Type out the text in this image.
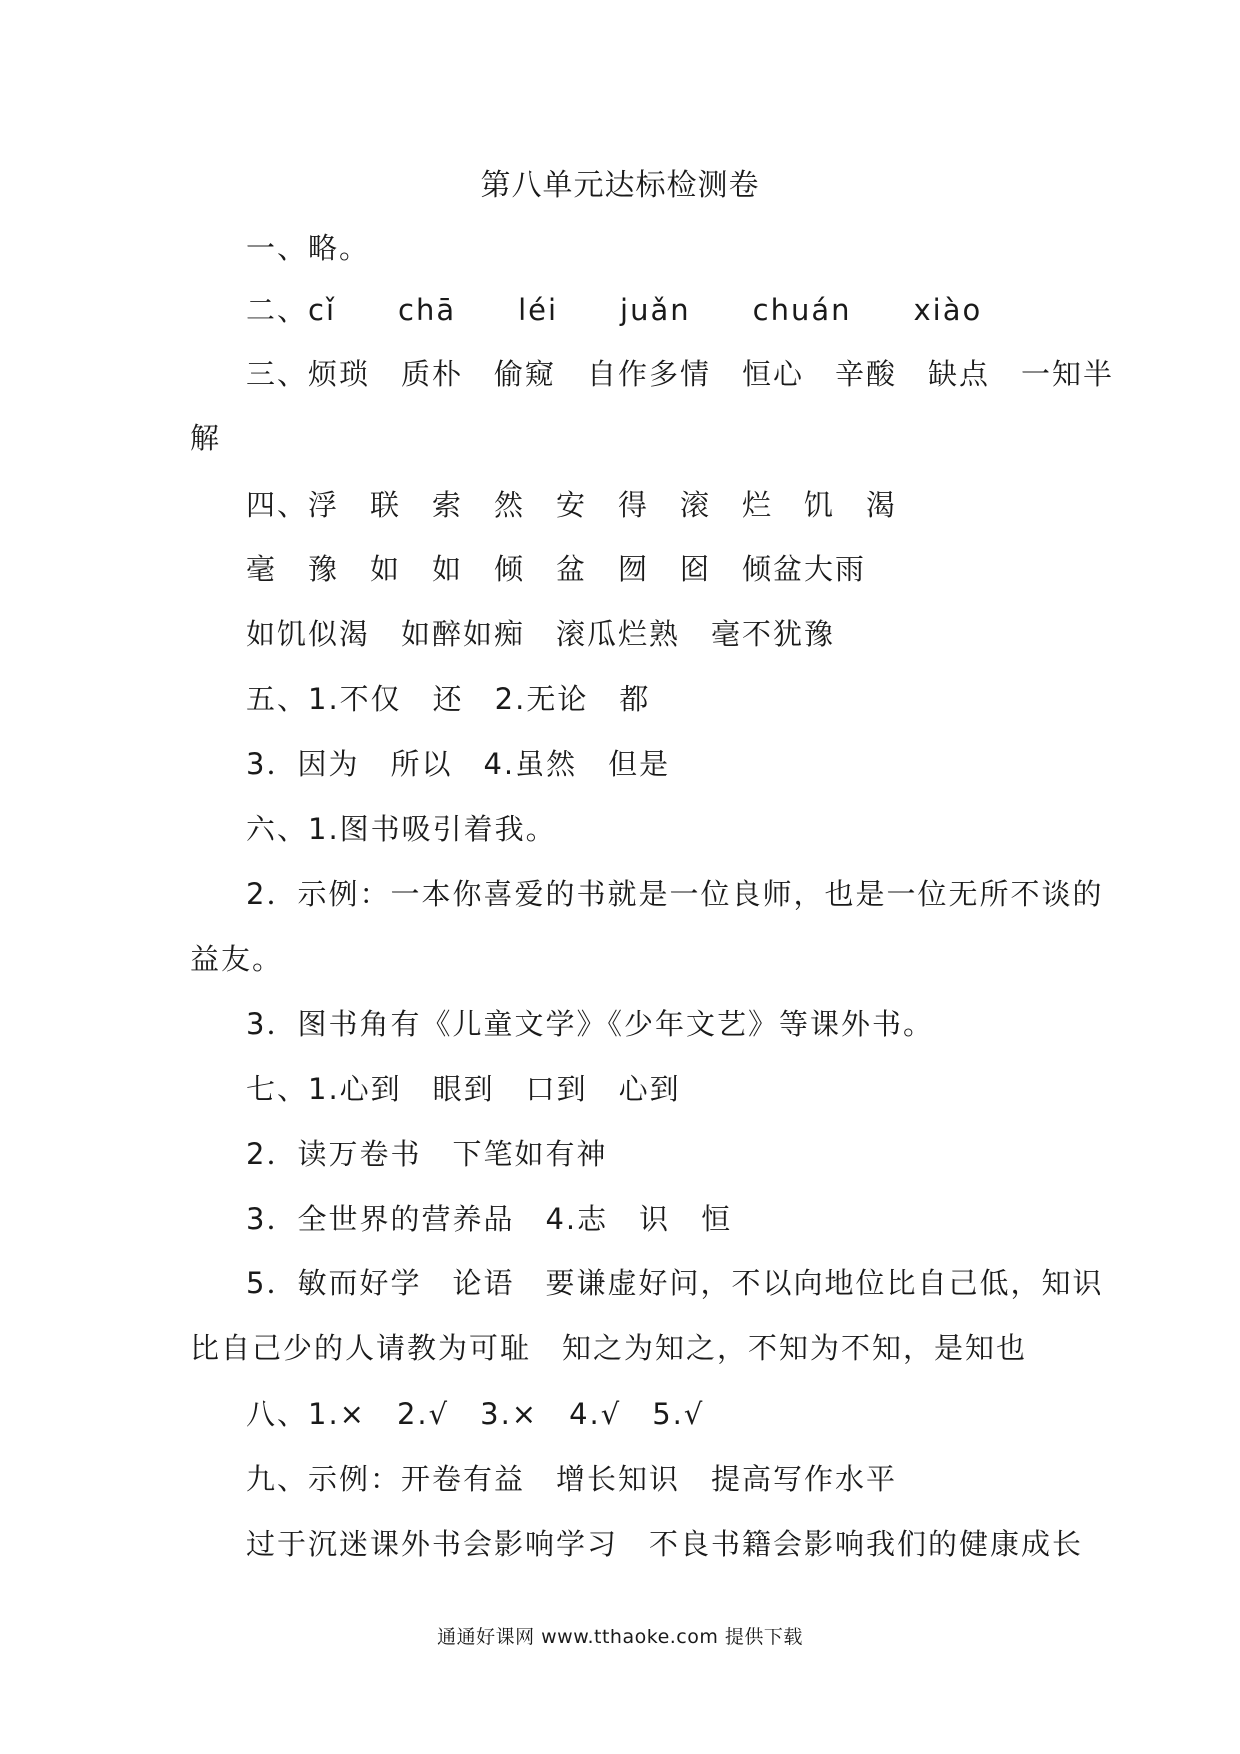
第八单元达标检测卷
一、略。
二、cǐ　　chā　　léi　　juǎn　　chuán　　xiào
三、烦琐　质朴　偷窥　自作多情　恒心　辛酸　缺点　一知半
解
四、浮　联　索　然　安　得　滚　烂　饥　渴
毫　豫　如　如　倾　盆　囫　囵　倾盆大雨
如饥似渴　如醉如痴　滚瓜烂熟　毫不犹豫
五、1.不仅　还　2.无论　都
3．因为　所以　4.虽然　但是
六、1.图书吸引着我。
2．示例：一本你喜爱的书就是一位良师，也是一位无所不谈的
益友。
3．图书角有《儿童文学》《少年文艺》等课外书。
七、1.心到　眼到　口到　心到
2．读万卷书　下笔如有神
3．全世界的营养品　4.志　识　恒
5．敏而好学　论语　要谦虚好问，不以向地位比自己低，知识
比自己少的人请教为可耻　知之为知之，不知为不知，是知也
八、1.×　2.√　3.×　4.√　5.√
九、示例：开卷有益　增长知识　提高写作水平
过于沉迷课外书会影响学习　不良书籍会影响我们的健康成长
通通好课网 www.tthaoke.com 提供下载
